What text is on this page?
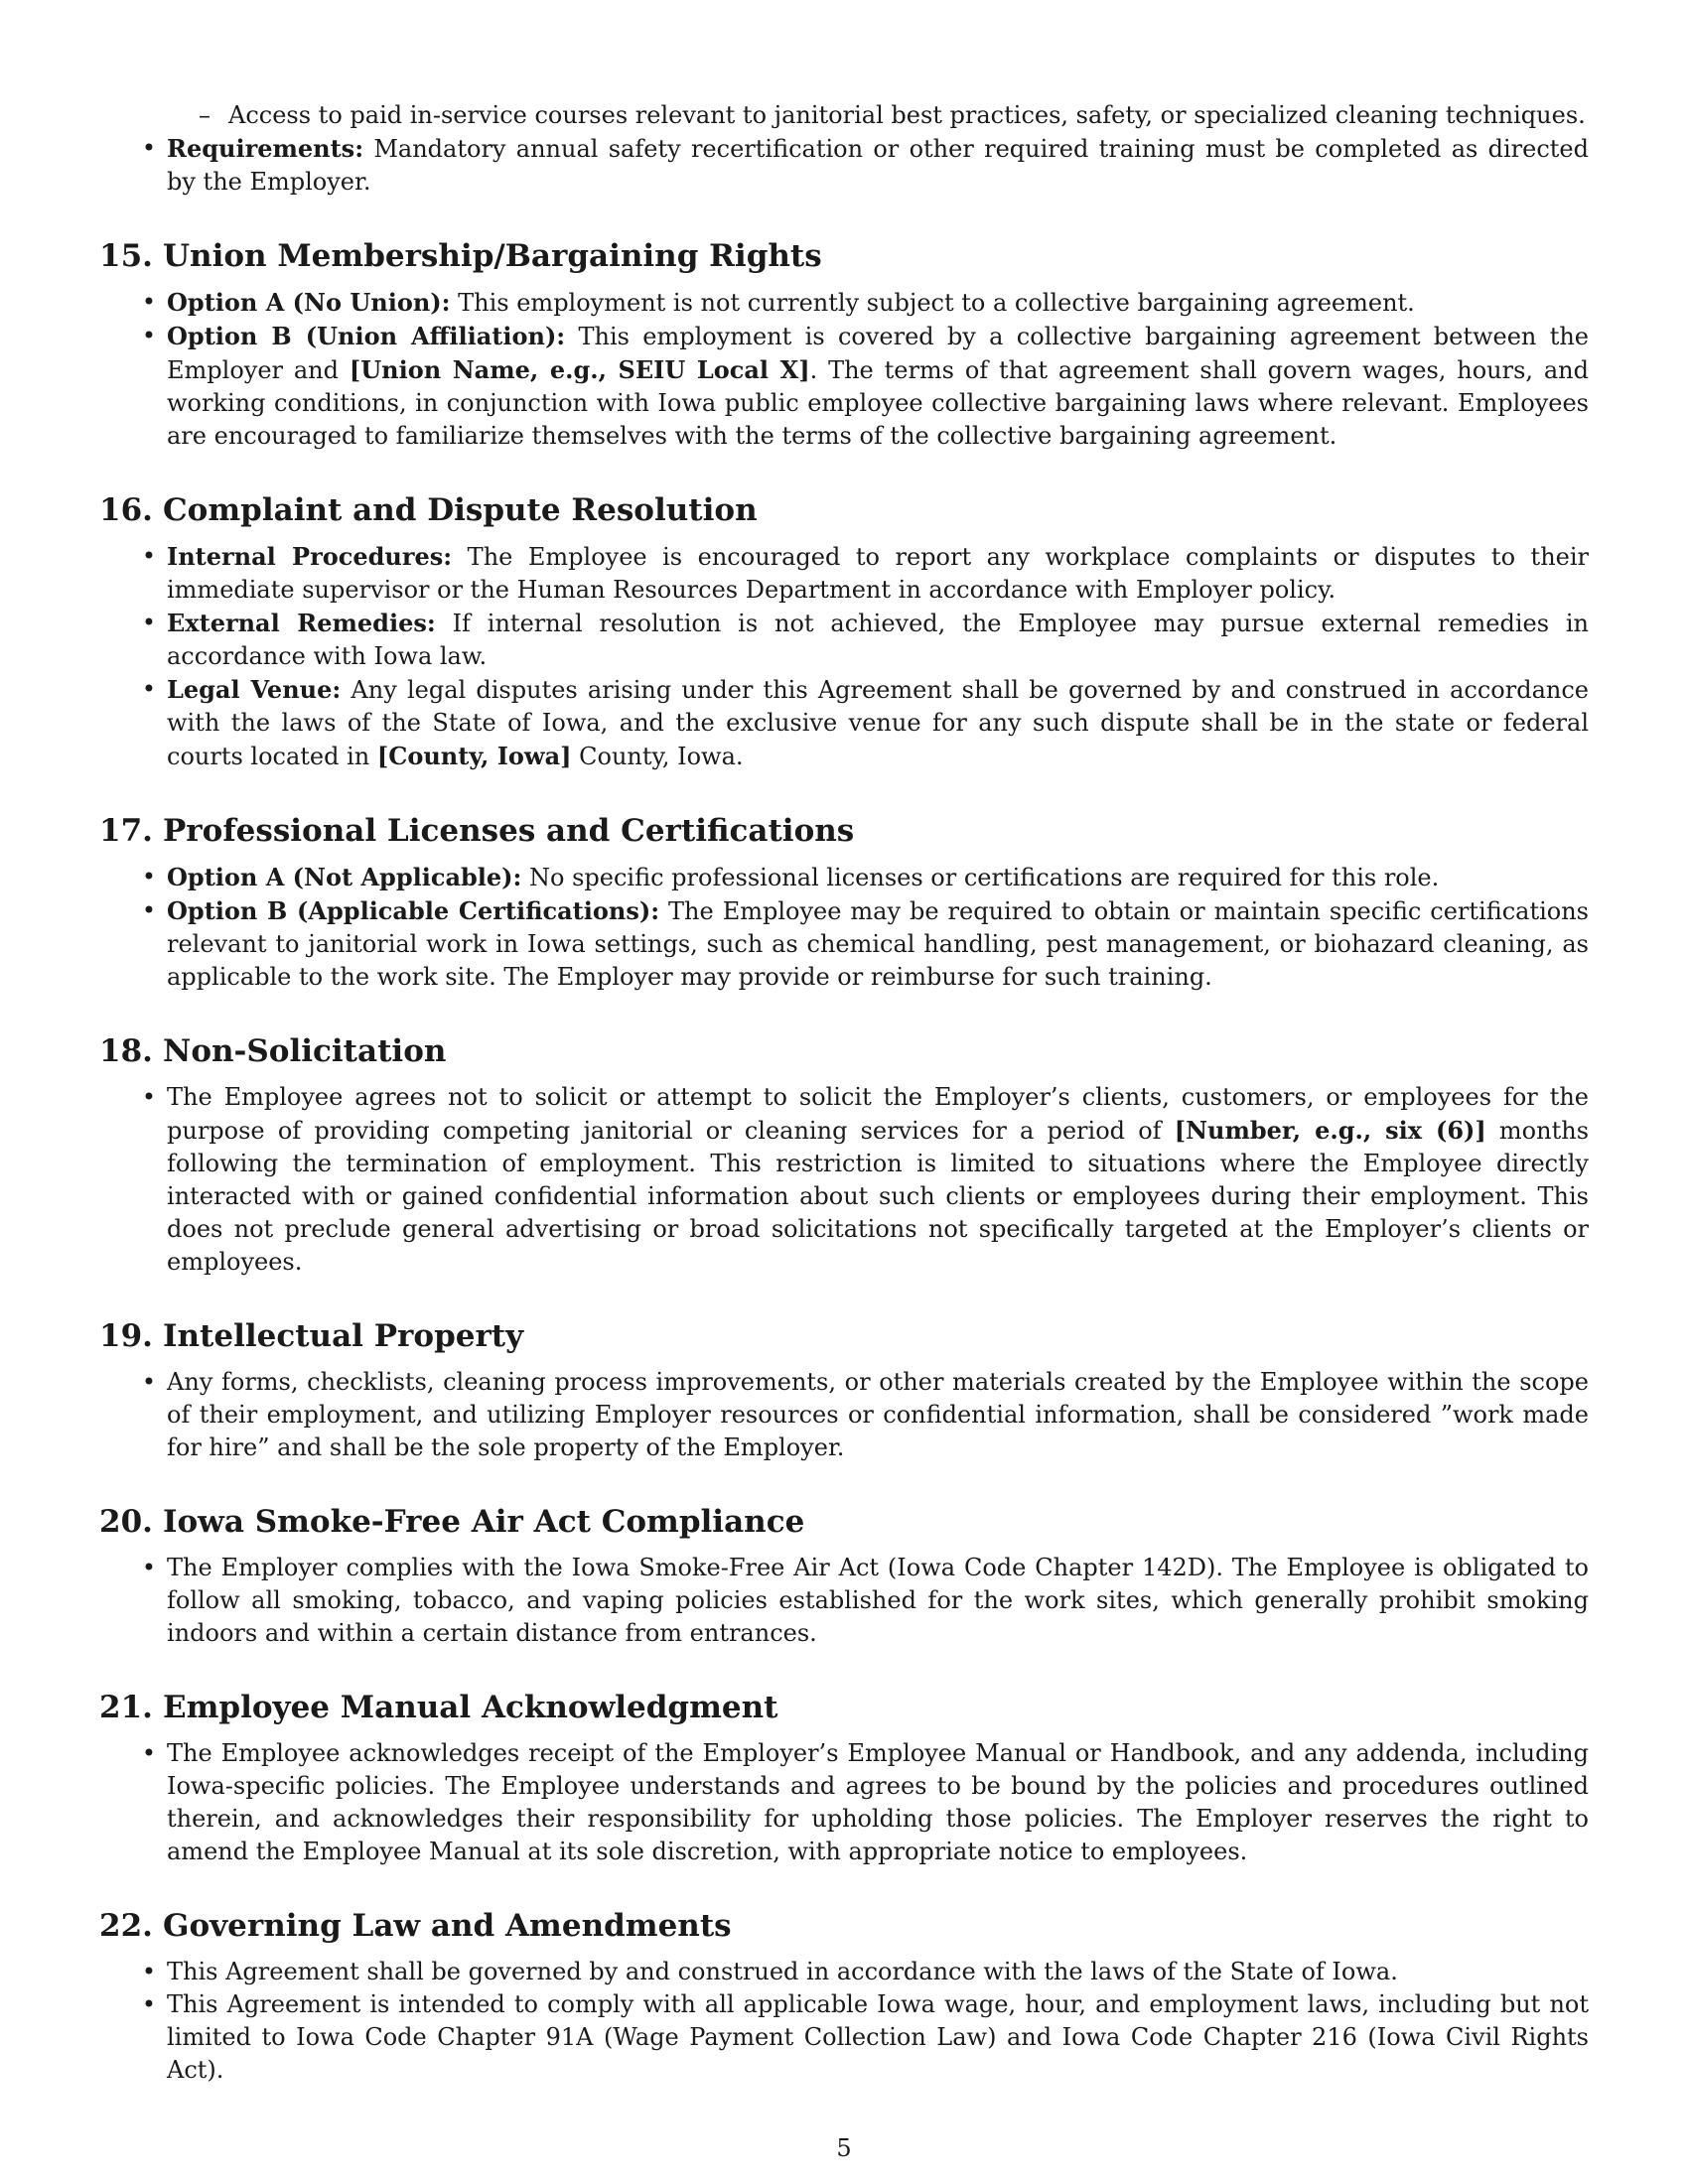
– Access to paid in-service courses relevant to janitorial best practices, safety, or specialized cleaning techniques.
• Requirements: Mandatory annual safety recertification or other required training must be completed as directed by the Employer.
15. Union Membership/Bargaining Rights
• Option A (No Union): This employment is not currently subject to a collective bargaining agreement.
• Option B (Union Affiliation): This employment is covered by a collective bargaining agreement between the Employer and [Union Name, e.g., SEIU Local X]. The terms of that agreement shall govern wages, hours, and working conditions, in conjunction with Iowa public employee collective bargaining laws where relevant. Employees are encouraged to familiarize themselves with the terms of the collective bargaining agreement.
16. Complaint and Dispute Resolution
• Internal Procedures: The Employee is encouraged to report any workplace complaints or disputes to their immediate supervisor or the Human Resources Department in accordance with Employer policy.
• External Remedies: If internal resolution is not achieved, the Employee may pursue external remedies in accordance with Iowa law.
• Legal Venue: Any legal disputes arising under this Agreement shall be governed by and construed in accordance with the laws of the State of Iowa, and the exclusive venue for any such dispute shall be in the state or federal courts located in [County, Iowa] County, Iowa.
17. Professional Licenses and Certifications
• Option A (Not Applicable): No specific professional licenses or certifications are required for this role.
• Option B (Applicable Certifications): The Employee may be required to obtain or maintain specific certifications relevant to janitorial work in Iowa settings, such as chemical handling, pest management, or biohazard cleaning, as applicable to the work site. The Employer may provide or reimburse for such training.
18. Non-Solicitation
• The Employee agrees not to solicit or attempt to solicit the Employer’s clients, customers, or employees for the purpose of providing competing janitorial or cleaning services for a period of [Number, e.g., six (6)] months following the termination of employment. This restriction is limited to situations where the Employee directly interacted with or gained confidential information about such clients or employees during their employment. This does not preclude general advertising or broad solicitations not specifically targeted at the Employer’s clients or employees.
19. Intellectual Property
• Any forms, checklists, cleaning process improvements, or other materials created by the Employee within the scope of their employment, and utilizing Employer resources or confidential information, shall be considered ”work made for hire” and shall be the sole property of the Employer.
20. Iowa Smoke-Free Air Act Compliance
• The Employer complies with the Iowa Smoke-Free Air Act (Iowa Code Chapter 142D). The Employee is obligated to follow all smoking, tobacco, and vaping policies established for the work sites, which generally prohibit smoking indoors and within a certain distance from entrances.
21. Employee Manual Acknowledgment
• The Employee acknowledges receipt of the Employer’s Employee Manual or Handbook, and any addenda, including Iowa-specific policies. The Employee understands and agrees to be bound by the policies and procedures outlined therein, and acknowledges their responsibility for upholding those policies. The Employer reserves the right to amend the Employee Manual at its sole discretion, with appropriate notice to employees.
22. Governing Law and Amendments
• This Agreement shall be governed by and construed in accordance with the laws of the State of Iowa.
• This Agreement is intended to comply with all applicable Iowa wage, hour, and employment laws, including but not limited to Iowa Code Chapter 91A (Wage Payment Collection Law) and Iowa Code Chapter 216 (Iowa Civil Rights Act).
5
